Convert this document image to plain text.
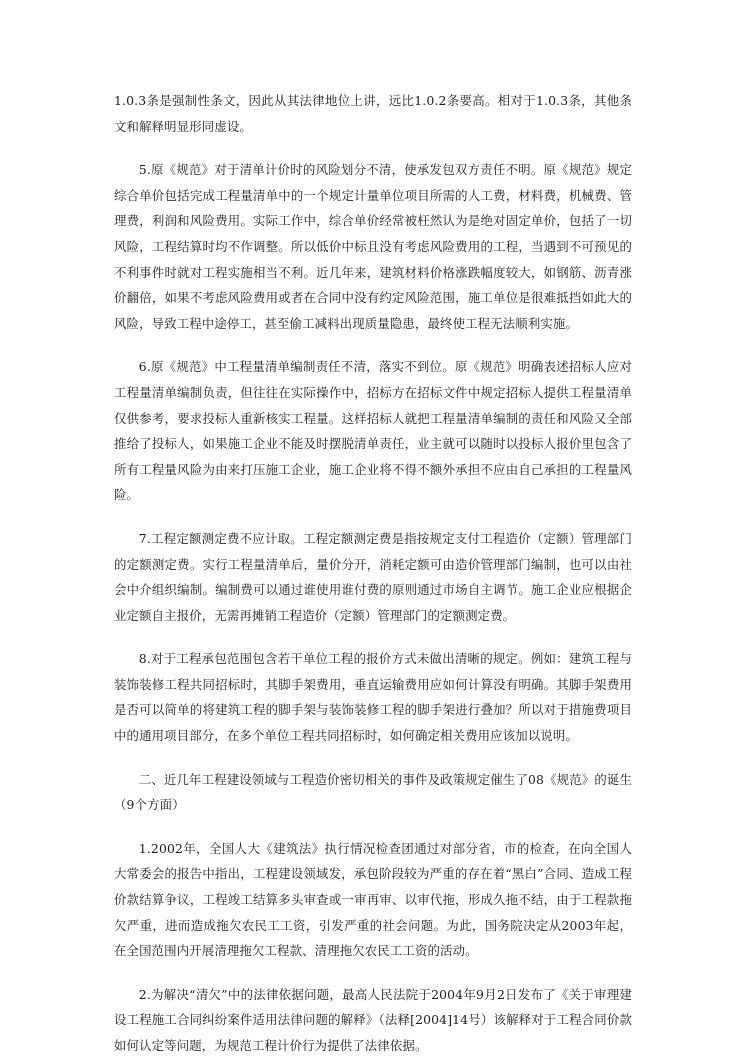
1.0.3条是强制性条文，因此从其法律地位上讲，远比1.0.2条要高。相对于1.0.3条，其他条文和解释明显形同虚设。

5.原《规范》对于清单计价时的风险划分不清，使承发包双方责任不明。原《规范》规定综合单价包括完成工程量清单中的一个规定计量单位项目所需的人工费，材料费，机械费、管理费，利润和风险费用。实际工作中，综合单价经常被枉然认为是绝对固定单价，包括了一切风险，工程结算时均不作调整。所以低价中标且没有考虑风险费用的工程，当遇到不可预见的不利事件时就对工程实施相当不利。近几年来，建筑材料价格涨跌幅度较大，如钢筋、沥青涨价翻倍，如果不考虑风险费用或者在合同中没有约定风险范围，施工单位是很难抵挡如此大的风险，导致工程中途停工，甚至偷工减料出现质量隐患，最终使工程无法顺利实施。

6.原《规范》中工程量清单编制责任不清，落实不到位。原《规范》明确表述招标人应对工程量清单编制负责，但往往在实际操作中，招标方在招标文件中规定招标人提供工程量清单仅供参考，要求投标人重新核实工程量。这样招标人就把工程量清单编制的责任和风险又全部推给了投标人，如果施工企业不能及时摆脱清单责任，业主就可以随时以投标人报价里包含了所有工程量风险为由来打压施工企业，施工企业将不得不额外承担不应由自己承担的工程量风险。

7.工程定额测定费不应计取。工程定额测定费是指按规定支付工程造价（定额）管理部门的定额测定费。实行工程量清单后，量价分开，消耗定额可由造价管理部门编制，也可以由社会中介组织编制。编制费可以通过谁使用谁付费的原则通过市场自主调节。施工企业应根据企业定额自主报价，无需再摊销工程造价（定额）管理部门的定额测定费。

8.对于工程承包范围包含若干单位工程的报价方式未做出清晰的规定。例如：建筑工程与装饰装修工程共同招标时，其脚手架费用，垂直运输费用应如何计算没有明确。其脚手架费用是否可以简单的将建筑工程的脚手架与装饰装修工程的脚手架进行叠加？所以对于措施费项目中的通用项目部分，在多个单位工程共同招标时，如何确定相关费用应该加以说明。

二、近几年工程建设领域与工程造价密切相关的事件及政策规定催生了08《规范》的诞生（9个方面）

1.2002年，全国人大《建筑法》执行情况检查团通过对部分省，市的检查，在向全国人大常委会的报告中指出，工程建设领域发，承包阶段较为严重的存在着“黑白”合同、造成工程价款结算争议，工程竣工结算多头审查或一审再审、以审代拖，形成久拖不结，由于工程款拖欠严重，进而造成拖欠农民工工资，引发严重的社会问题。为此，国务院决定从2003年起，在全国范围内开展清理拖欠工程款、清理拖欠农民工工资的活动。

2.为解决“清欠”中的法律依据问题，最高人民法院于2004年9月2日发布了《关于审理建设工程施工合同纠纷案件适用法律问题的解释》（法释[2004]14号）该解释对于工程合同价款如何认定等问题，为规范工程计价行为提供了法律依据。
